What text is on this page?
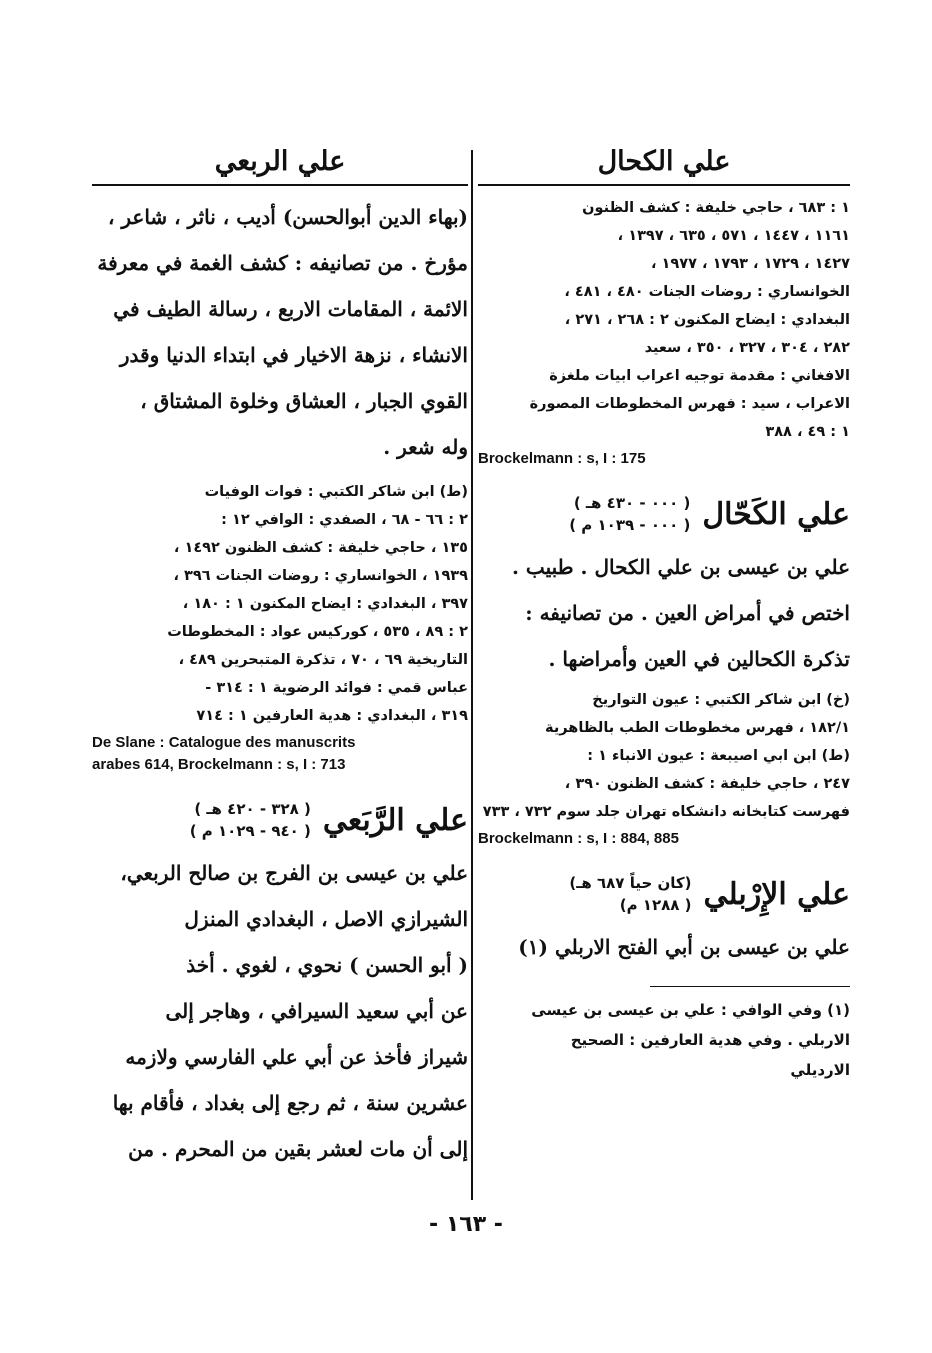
علي الكحال

١ : ٦٨٣ ، حاجي خليفة : كشف الظنون

١١٦١ ، ١٤٤٧ ، ٥٧١ ، ٦٣٥ ، ١٣٩٧ ،

١٤٢٧ ، ١٧٢٩ ، ١٧٩٣ ، ١٩٧٧ ،

الخوانساري : روضات الجنات ٤٨٠ ، ٤٨١ ،

البغدادي : ايضاح المكنون ٢ : ٢٦٨ ، ٢٧١ ،

٢٨٢ ، ٣٠٤ ، ٣٢٧ ، ٣٥٠ ، سعيد

الافغاني : مقدمة توجيه اعراب ابيات ملغزة

الاعراب ، سيد : فهرس المخطوطات المصورة

١ : ٤٩ ، ٣٨٨

Brockelmann : s, I : 175

علي الكَحّال
( ٠٠٠ - ٤٣٠ هـ )
( ٠٠٠ - ١٠٣٩ م )

علي بن عيسى بن علي الكحال . طبيب .

اختص في أمراض العين . من تصانيفه :

تذكرة الكحالين في العين وأمراضها .

(خ) ابن شاكر الكتبي : عيون التواريخ

١٨٢/١ ، فهرس مخطوطات الطب بالظاهرية

(ط) ابن ابي اصيبعة : عيون الانباء ١ :

٢٤٧ ، حاجي خليفة : كشف الظنون ٣٩٠ ،

فهرست كتابخانه دانشكاه تهران جلد سوم ٧٣٢ ، ٧٣٣

Brockelmann : s, I : 884, 885

علي الإِرْبلي
(كان حياً ٦٨٧ هـ)
( ١٢٨٨ م)

علي بن عيسى بن أبي الفتح الاربلي (١)

(١) وفي الوافي : علي بن عيسى بن عيسى

الاربلي . وفي هدية العارفين : الصحيح

الارديلي

علي الربعي

(بهاء الدين أبوالحسن) أديب ، ناثر ، شاعر ،

مؤرخ . من تصانيفه : كشف الغمة في معرفة

الائمة ، المقامات الاربع ، رسالة الطيف في

الانشاء ، نزهة الاخيار في ابتداء الدنيا وقدر

القوي الجبار ، العشاق وخلوة المشتاق ،

وله شعر .

(ط) ابن شاكر الكتبي : فوات الوفيات

٢ : ٦٦ - ٦٨ ، الصفدي : الوافي ١٢ :

١٣٥ ، حاجي خليفة : كشف الظنون ١٤٩٢ ،

١٩٣٩ ، الخوانساري : روضات الجنات ٣٩٦ ،

٣٩٧ ، البغدادي : ايضاح المكنون ١ : ١٨٠ ،

٢ : ٨٩ ، ٥٣٥ ، كوركيس عواد : المخطوطات

التاريخية ٦٩ ، ٧٠ ، تذكرة المتبحرين ٤٨٩ ،

عباس قمي : فوائد الرضوية ١ : ٣١٤ -

٣١٩ ، البغدادي : هدية العارفين ١ : ٧١٤

De Slane : Catalogue des manuscrits

arabes 614, Brockelmann : s, I : 713

علي الرَّبَعي
( ٣٢٨ - ٤٢٠ هـ )
( ٩٤٠ - ١٠٢٩ م )

علي بن عيسى بن الفرج بن صالح الربعي،

الشيرازي الاصل ، البغدادي المنزل

( أبو الحسن ) نحوي ، لغوي . أخذ

عن أبي سعيد السيرافي ، وهاجر إلى

شيراز فأخذ عن أبي علي الفارسي ولازمه

عشرين سنة ، ثم رجع إلى بغداد ، فأقام بها

إلى أن مات لعشر بقين من المحرم . من

- ١٦٣ -
